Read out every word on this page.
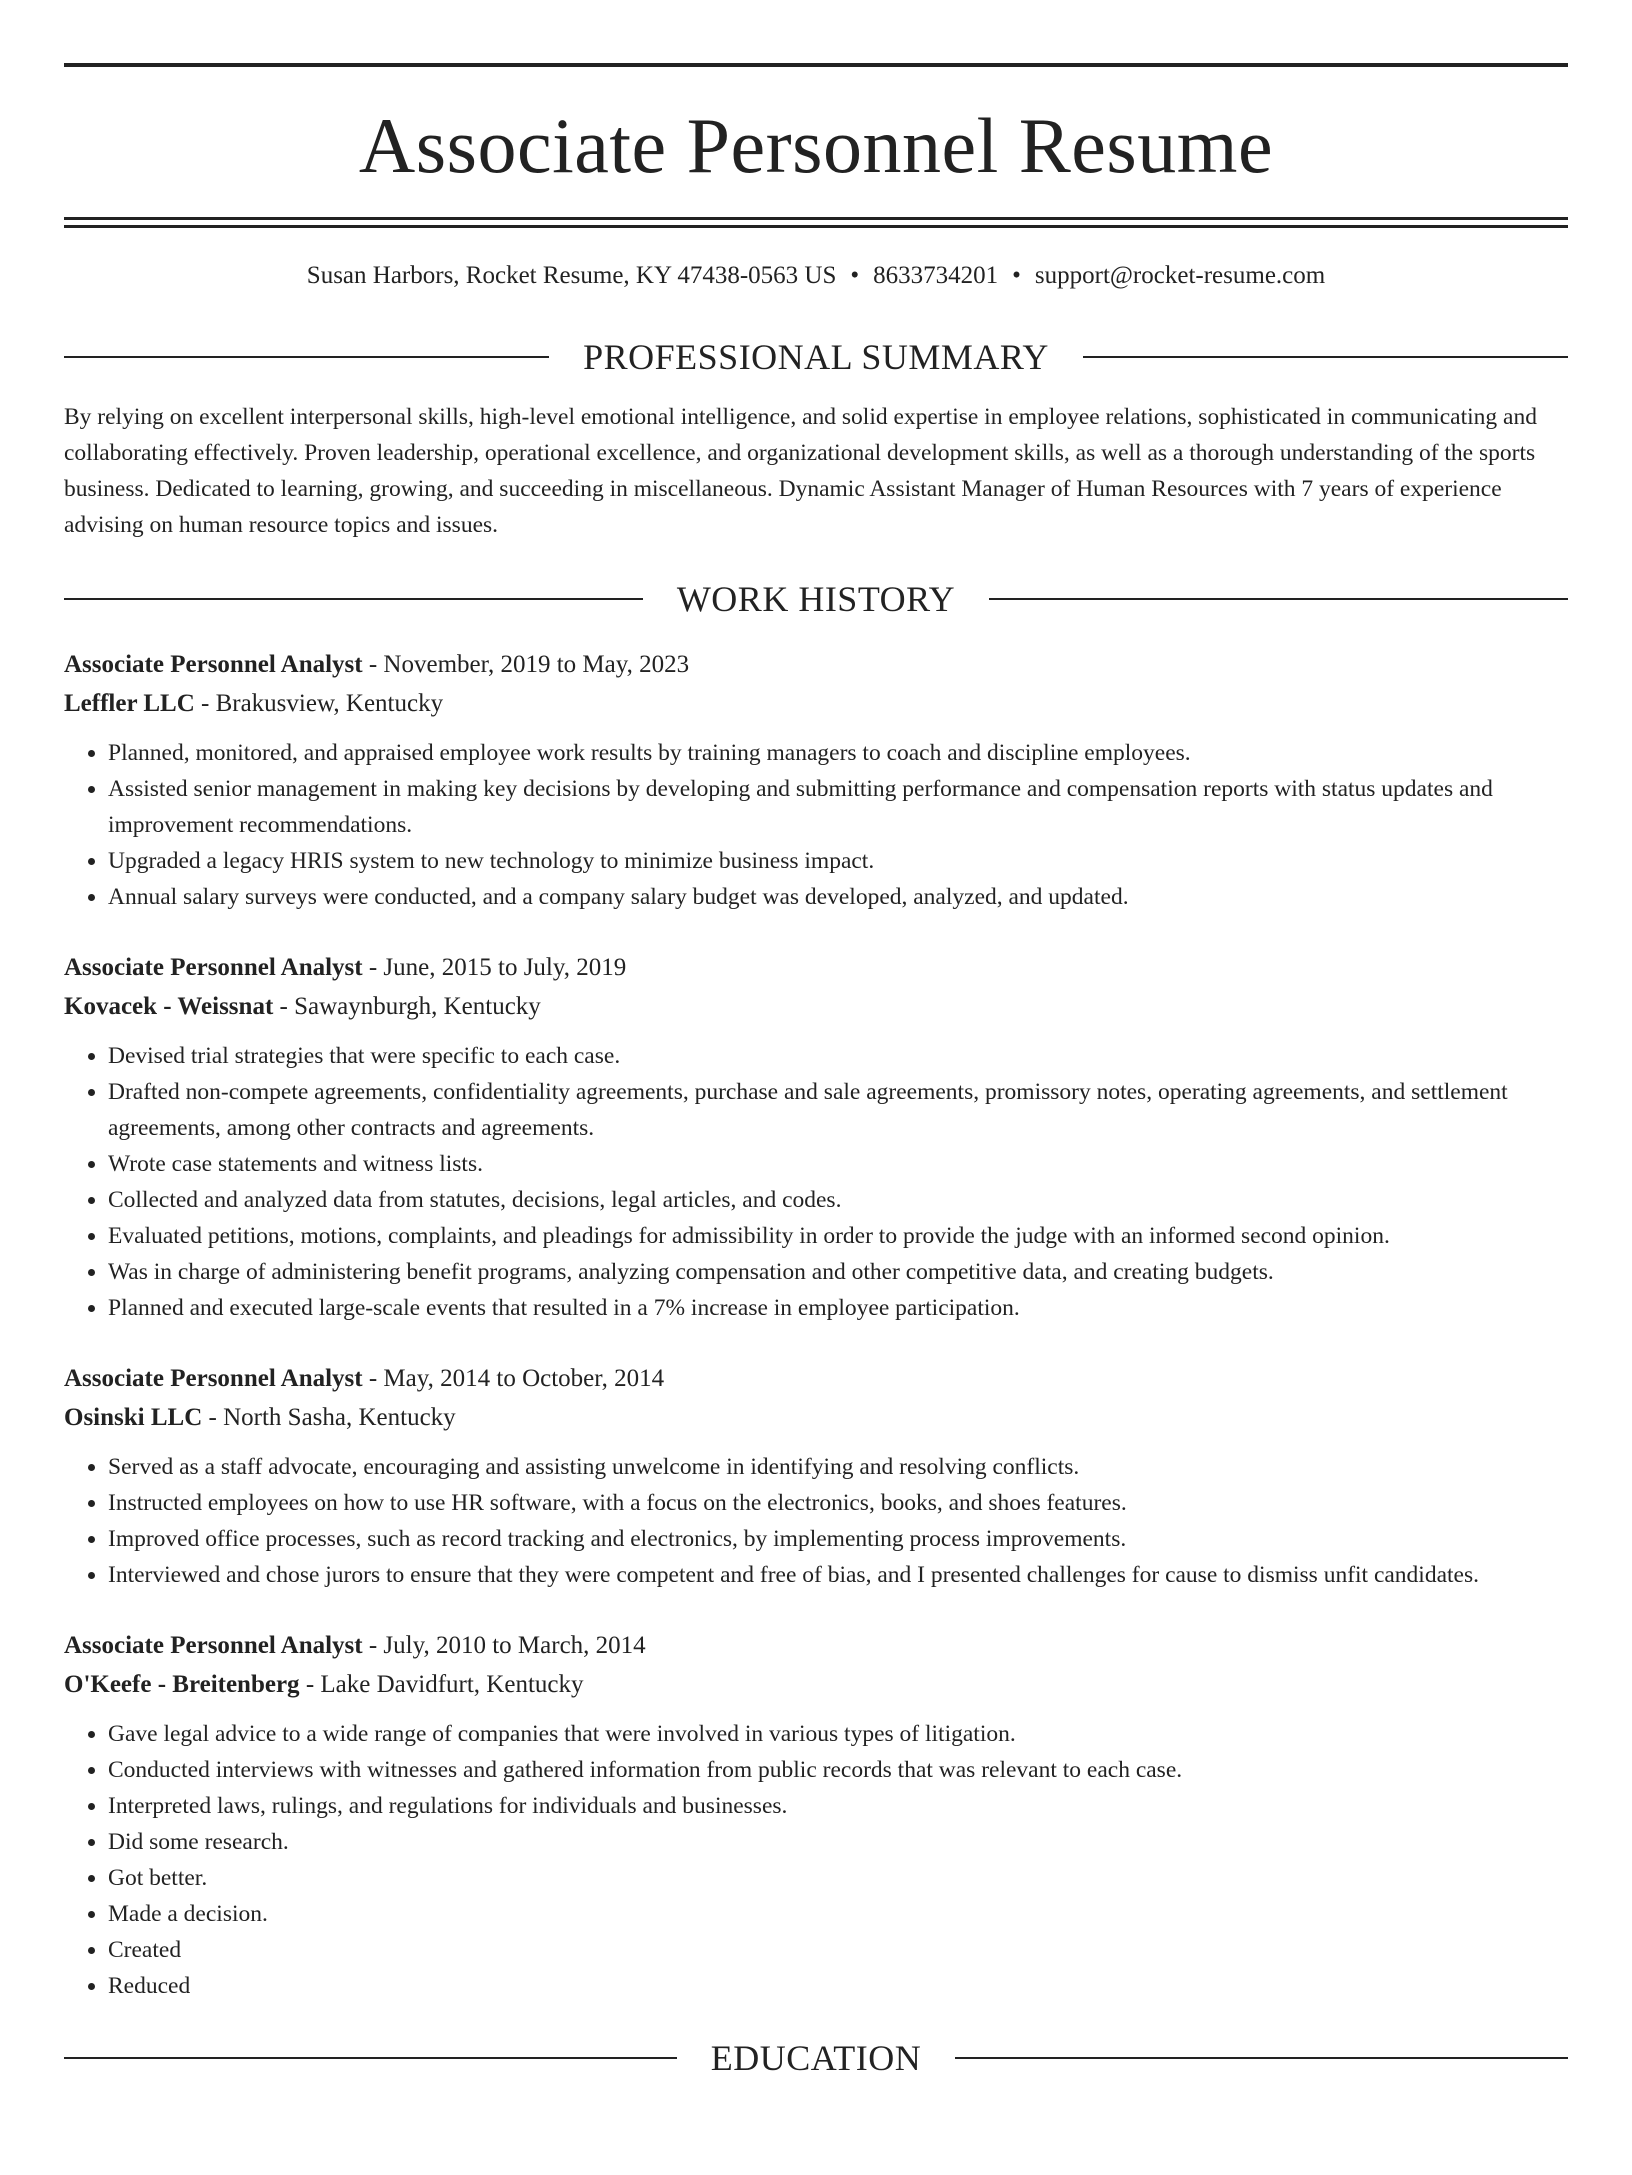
Associate Personnel Resume
Susan Harbors, Rocket Resume, KY 47438-0563 US • 8633734201 • support@rocket-resume.com
PROFESSIONAL SUMMARY

By relying on excellent interpersonal skills, high-level emotional intelligence, and solid expertise in employee relations, sophisticated in communicating and collaborating effectively. Proven leadership, operational excellence, and organizational development skills, as well as a thorough understanding of the sports business. Dedicated to learning, growing, and succeeding in miscellaneous. Dynamic Assistant Manager of Human Resources with 7 years of experience advising on human resource topics and issues.

WORK HISTORY
Associate Personnel Analyst - November, 2019 to May, 2023
Leffler LLC - Brakusview, Kentucky
• Planned, monitored, and appraised employee work results by training managers to coach and discipline employees.
• Assisted senior management in making key decisions by developing and submitting performance and compensation reports with status updates and improvement recommendations.
• Upgraded a legacy HRIS system to new technology to minimize business impact.
• Annual salary surveys were conducted, and a company salary budget was developed, analyzed, and updated.
Associate Personnel Analyst - June, 2015 to July, 2019
Kovacek - Weissnat - Sawaynburgh, Kentucky
• Devised trial strategies that were specific to each case.
• Drafted non-compete agreements, confidentiality agreements, purchase and sale agreements, promissory notes, operating agreements, and settlement agreements, among other contracts and agreements.
• Wrote case statements and witness lists.
• Collected and analyzed data from statutes, decisions, legal articles, and codes.
• Evaluated petitions, motions, complaints, and pleadings for admissibility in order to provide the judge with an informed second opinion.
• Was in charge of administering benefit programs, analyzing compensation and other competitive data, and creating budgets.
• Planned and executed large-scale events that resulted in a 7% increase in employee participation.
Associate Personnel Analyst - May, 2014 to October, 2014
Osinski LLC - North Sasha, Kentucky
• Served as a staff advocate, encouraging and assisting unwelcome in identifying and resolving conflicts.
• Instructed employees on how to use HR software, with a focus on the electronics, books, and shoes features.
• Improved office processes, such as record tracking and electronics, by implementing process improvements.
• Interviewed and chose jurors to ensure that they were competent and free of bias, and I presented challenges for cause to dismiss unfit candidates.
Associate Personnel Analyst - July, 2010 to March, 2014
O'Keefe - Breitenberg - Lake Davidfurt, Kentucky
• Gave legal advice to a wide range of companies that were involved in various types of litigation.
• Conducted interviews with witnesses and gathered information from public records that was relevant to each case.
• Interpreted laws, rulings, and regulations for individuals and businesses.
• Did some research.
• Got better.
• Made a decision.
• Created
• Reduced
EDUCATION
